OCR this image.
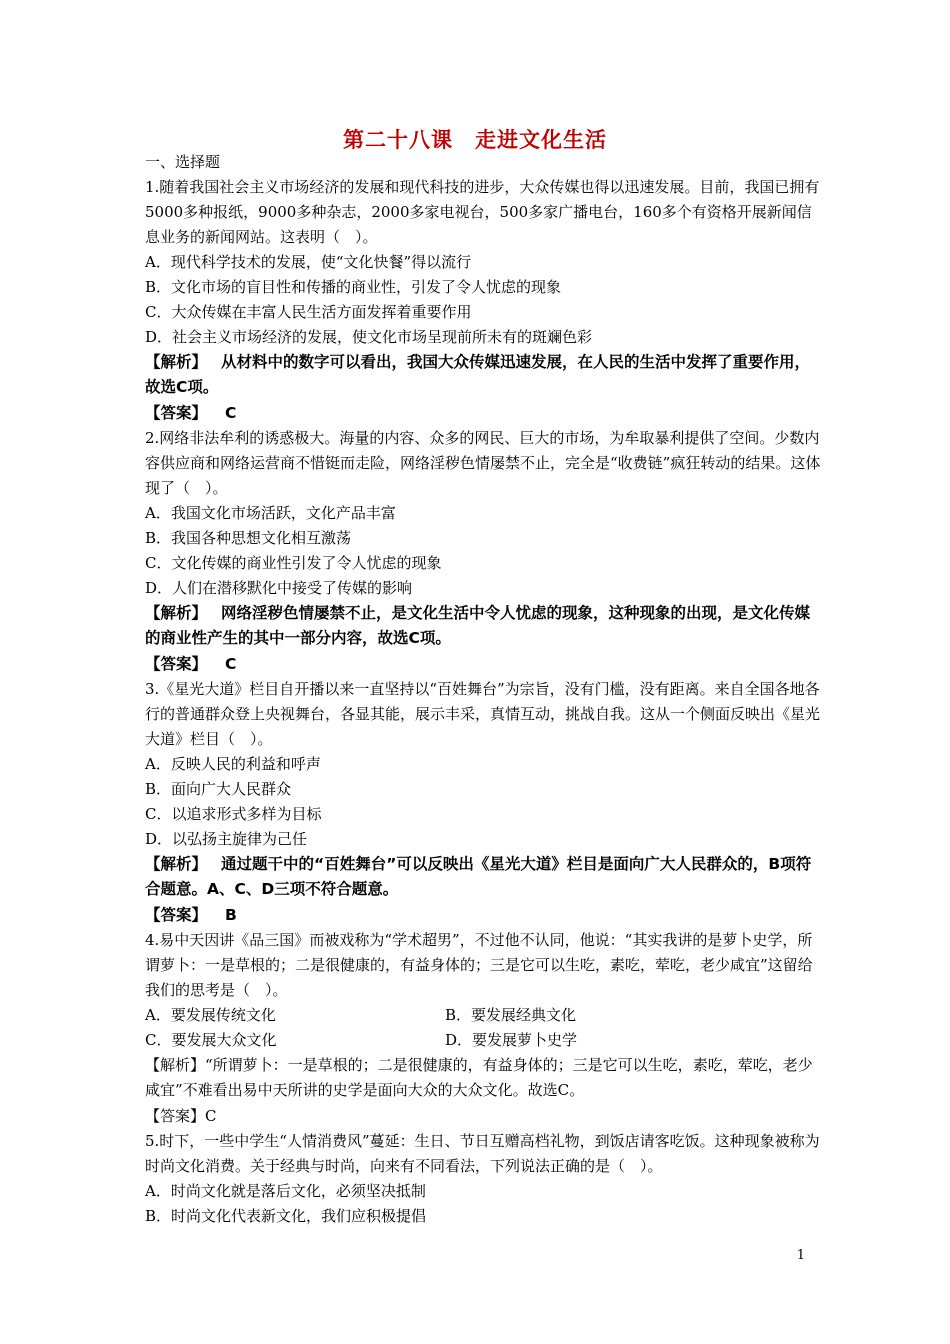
第二十八课　走进文化生活
一、选择题
1.随着我国社会主义市场经济的发展和现代科技的进步，大众传媒也得以迅速发展。目前，我国已拥有5000多种报纸，9000多种杂志，2000多家电视台，500多家广播电台，160多个有资格开展新闻信息业务的新闻网站。这表明（　）。
A．现代科学技术的发展，使“文化快餐”得以流行
B．文化市场的盲目性和传播的商业性，引发了令人忧虑的现象
C．大众传媒在丰富人民生活方面发挥着重要作用
D．社会主义市场经济的发展，使文化市场呈现前所未有的斑斓色彩
【解析】 从材料中的数字可以看出，我国大众传媒迅速发展，在人民的生活中发挥了重要作用，故选C项。
【答案】 C
2.网络非法牟利的诱惑极大。海量的内容、众多的网民、巨大的市场，为牟取暴利提供了空间。少数内容供应商和网络运营商不惜铤而走险，网络淫秽色情屡禁不止，完全是“收费链”疯狂转动的结果。这体现了（　）。
A．我国文化市场活跃，文化产品丰富
B．我国各种思想文化相互激荡
C．文化传媒的商业性引发了令人忧虑的现象
D．人们在潜移默化中接受了传媒的影响
【解析】 网络淫秽色情屡禁不止，是文化生活中令人忧虑的现象，这种现象的出现，是文化传媒的商业性产生的其中一部分内容，故选C项。
【答案】 C
3.《星光大道》栏目自开播以来一直坚持以“百姓舞台”为宗旨，没有门槛，没有距离。来自全国各地各行的普通群众登上央视舞台，各显其能，展示丰采，真情互动，挑战自我。这从一个侧面反映出《星光大道》栏目（　）。
A．反映人民的利益和呼声
B．面向广大人民群众
C．以追求形式多样为目标
D．以弘扬主旋律为己任
【解析】 通过题干中的“百姓舞台”可以反映出《星光大道》栏目是面向广大人民群众的，B项符合题意。A、C、D三项不符合题意。
【答案】 B
4.易中天因讲《品三国》而被戏称为“学术超男”，不过他不认同，他说：“其实我讲的是萝卜史学，所谓萝卜：一是草根的；二是很健康的，有益身体的；三是它可以生吃，素吃，荤吃，老少咸宜”这留给我们的思考是（　）。
A．要发展传统文化	B．要发展经典文化
C．要发展大众文化	D．要发展萝卜史学
【解析】“所谓萝卜：一是草根的；二是很健康的，有益身体的；三是它可以生吃，素吃，荤吃，老少咸宜”不难看出易中天所讲的史学是面向大众的大众文化。故选C。
【答案】C
5.时下，一些中学生“人情消费风”蔓延：生日、节日互赠高档礼物，到饭店请客吃饭。这种现象被称为时尚文化消费。关于经典与时尚，向来有不同看法，下列说法正确的是（　）。
A．时尚文化就是落后文化，必须坚决抵制
B．时尚文化代表新文化，我们应积极提倡
1
